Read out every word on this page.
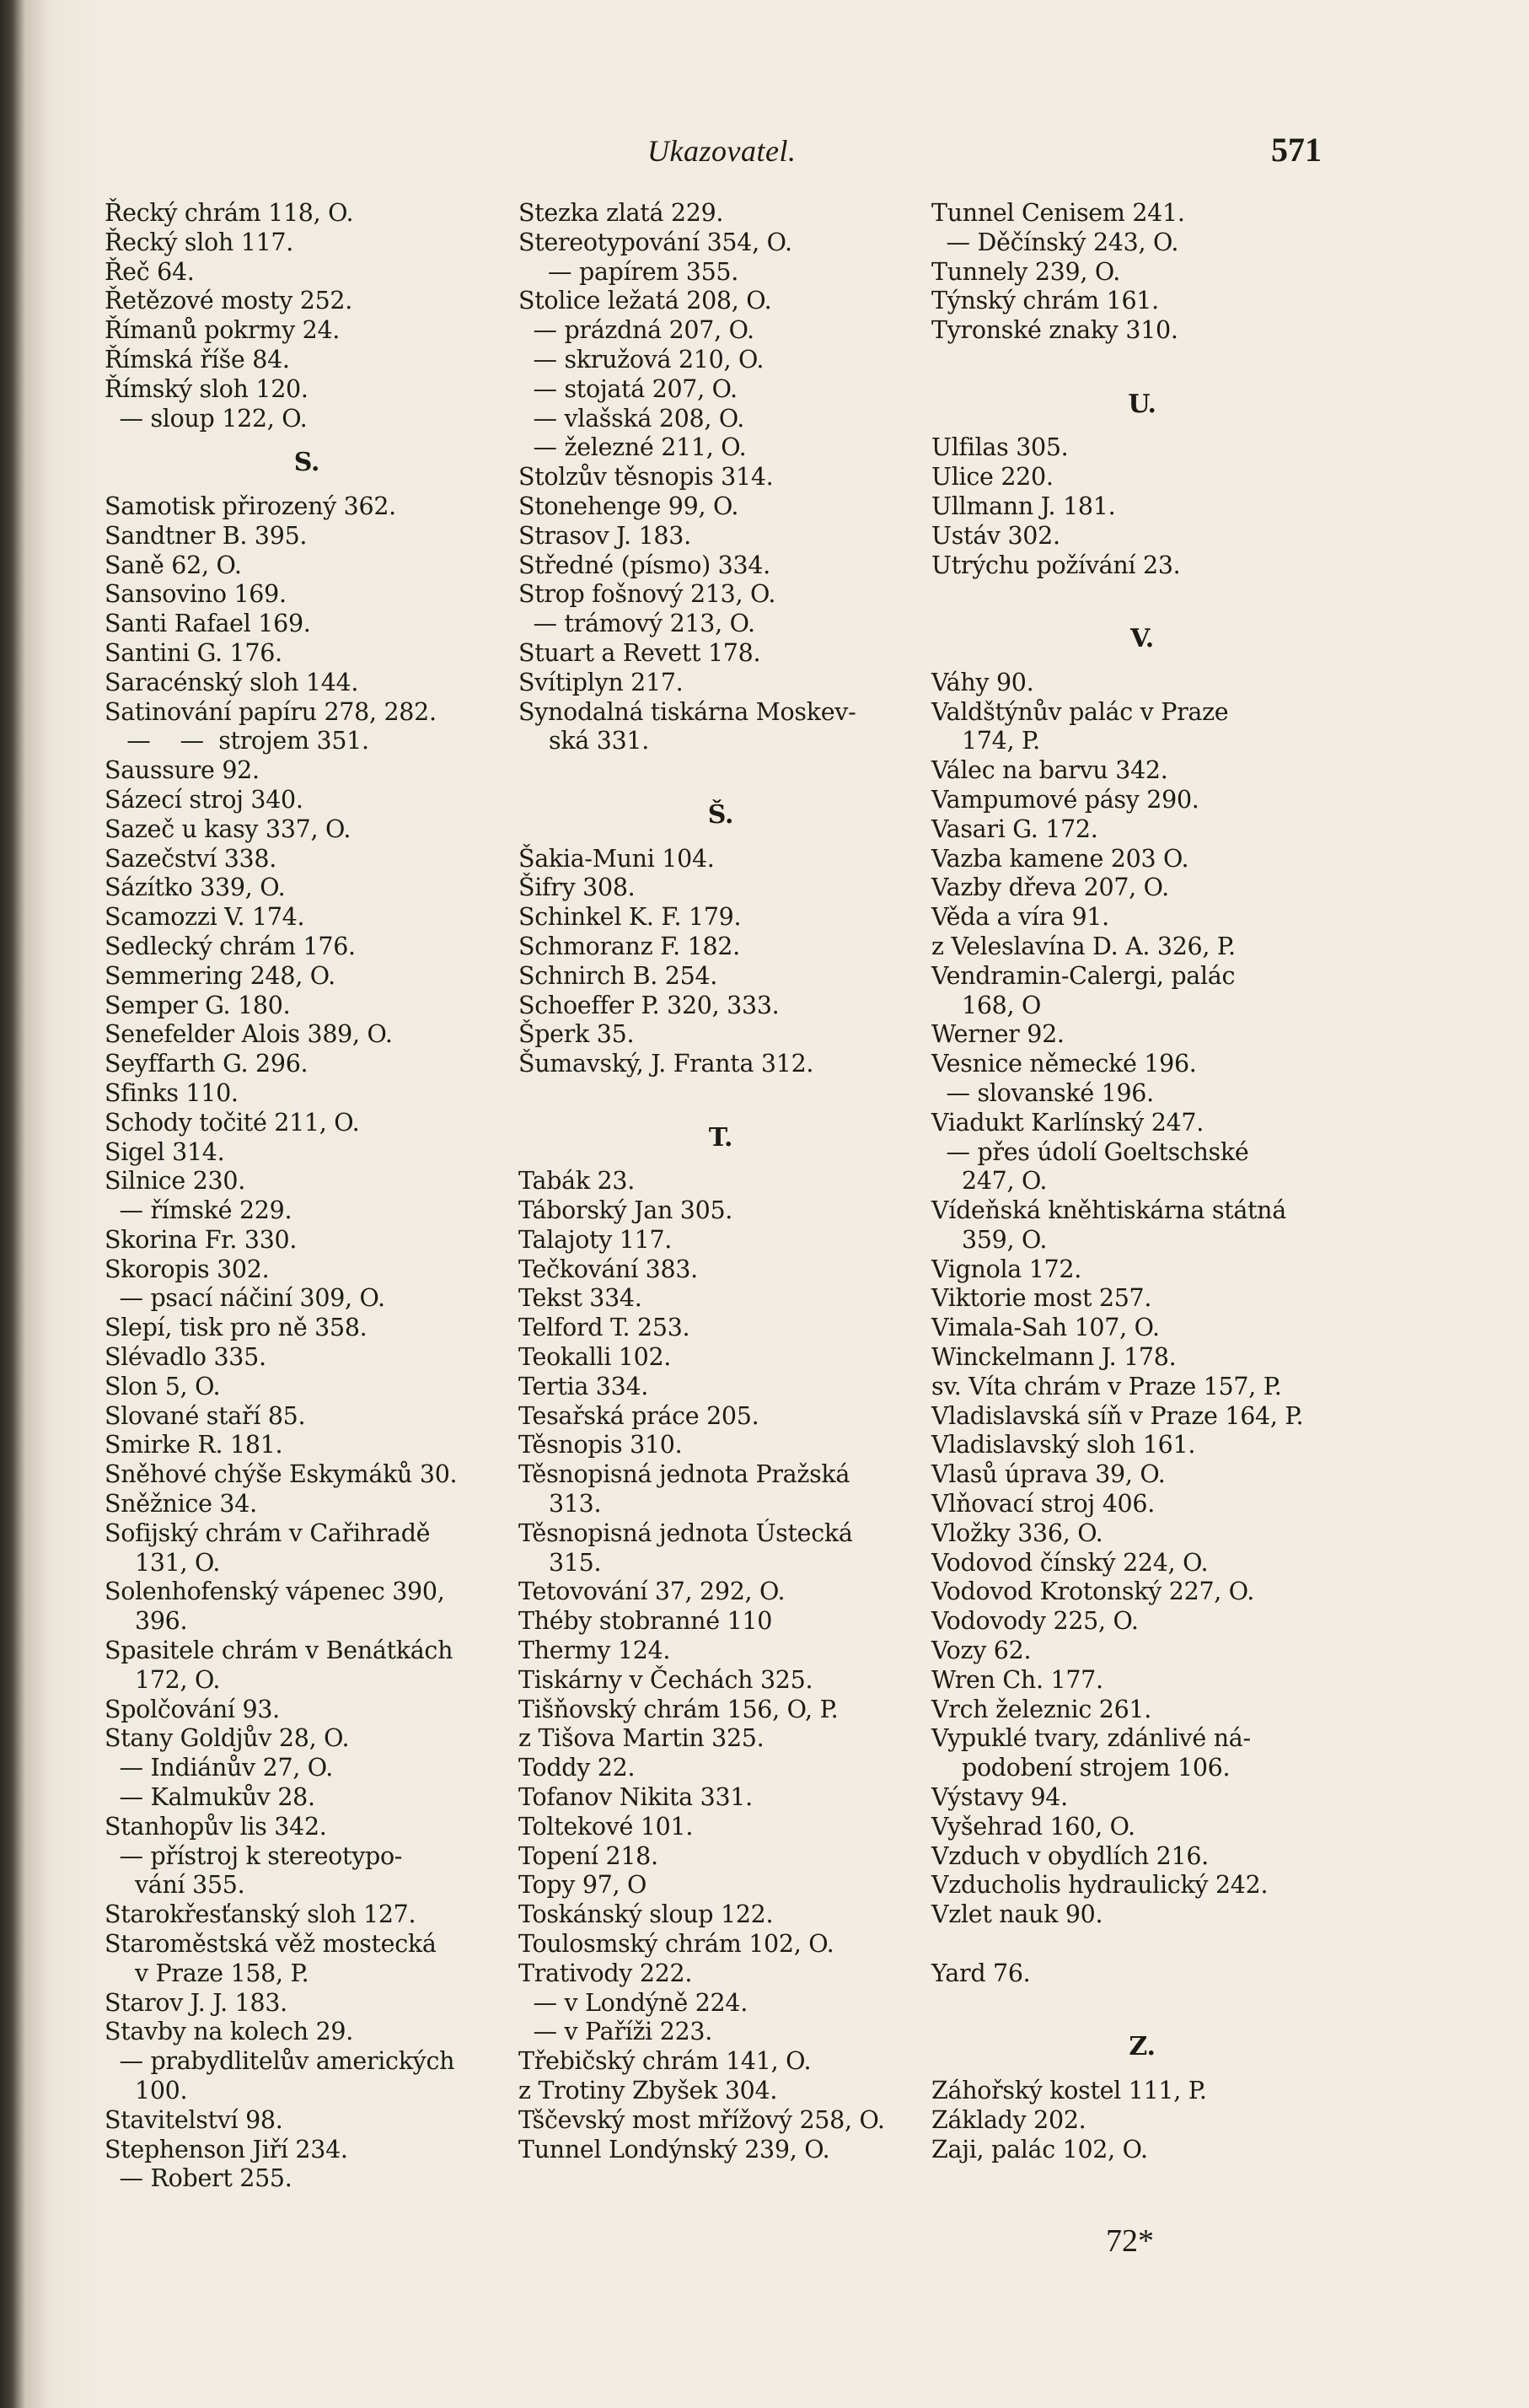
Ukazovatel.	571
Řecký chrám 118, O.
Řecký sloh 117.
Řeč 64.
Řetězové mosty 252.
Římanů pokrmy 24.
Římská říše 84.
Římský sloh 120.
— sloup 122, O.
S.
Samotisk přirozený 362.
Sandtner B. 395.
Saně 62, O.
Sansovino 169.
Santi Rafael 169.
Santini G. 176.
Saracénský sloh 144.
Satinování papíru 278, 282.
—    —  strojem 351.
Saussure 92.
Sázecí stroj 340.
Sazeč u kasy 337, O.
Sazečství 338.
Sázítko 339, O.
Scamozzi V. 174.
Sedlecký chrám 176.
Semmering 248, O.
Semper G. 180.
Senefelder Alois 389, O.
Seyffarth G. 296.
Sfinks 110.
Schody točité 211, O.
Sigel 314.
Silnice 230.
— římské 229.
Skorina Fr. 330.
Skoropis 302.
— psací náčiní 309, O.
Slepí, tisk pro ně 358.
Slévadlo 335.
Slon 5, O.
Slované staří 85.
Smirke R. 181.
Sněhové chýše Eskymáků 30.
Sněžnice 34.
Sofijský chrám v Cařihradě
131, O.
Solenhofenský vápenec 390,
396.
Spasitele chrám v Benátkách
172, O.
Spolčování 93.
Stany Goldjův 28, O.
— Indiánův 27, O.
— Kalmukův 28.
Stanhopův lis 342.
— přístroj k stereotypo-
vání 355.
Starokřesťanský sloh 127.
Staroměstská věž mostecká
v Praze 158, P.
Starov J. J. 183.
Stavby na kolech 29.
— prabydlitelův amerických
100.
Stavitelství 98.
Stephenson Jiří 234.
— Robert 255.
Stezka zlatá 229.
Stereotypování 354, O.
— papírem 355.
Stolice ležatá 208, O.
— prázdná 207, O.
— skružová 210, O.
— stojatá 207, O.
— vlašská 208, O.
— železné 211, O.
Stolzův těsnopis 314.
Stonehenge 99, O.
Strasov J. 183.
Středné (písmo) 334.
Strop fošnový 213, O.
— trámový 213, O.
Stuart a Revett 178.
Svítiplyn 217.
Synodalná tiskárna Moskev-
ská 331.
Š.
Šakia-Muni 104.
Šifry 308.
Schinkel K. F. 179.
Schmoranz F. 182.
Schnirch B. 254.
Schoeffer P. 320, 333.
Šperk 35.
Šumavský, J. Franta 312.
T.
Tabák 23.
Táborský Jan 305.
Talajoty 117.
Tečkování 383.
Tekst 334.
Telford T. 253.
Teokalli 102.
Tertia 334.
Tesařská práce 205.
Těsnopis 310.
Těsnopisná jednota Pražská
313.
Těsnopisná jednota Ústecká
315.
Tetovování 37, 292, O.
Théby stobranné 110
Thermy 124.
Tiskárny v Čechách 325.
Tišňovský chrám 156, O, P.
z Tišova Martin 325.
Toddy 22.
Tofanov Nikita 331.
Toltekové 101.
Topení 218.
Topy 97, O
Toskánský sloup 122.
Toulosmský chrám 102, O.
Trativody 222.
— v Londýně 224.
— v Paříži 223.
Třebičský chrám 141, O.
z Trotiny Zbyšek 304.
Tščevský most mřížový 258, O.
Tunnel Londýnský 239, O.
Tunnel Cenisem 241.
— Děčínský 243, O.
Tunnely 239, O.
Týnský chrám 161.
Tyronské znaky 310.
U.
Ulfilas 305.
Ulice 220.
Ullmann J. 181.
Ustáv 302.
Utrýchu požívání 23.
V.
Váhy 90.
Valdštýnův palác v Praze
174, P.
Válec na barvu 342.
Vampumové pásy 290.
Vasari G. 172.
Vazba kamene 203 O.
Vazby dřeva 207, O.
Věda a víra 91.
z Veleslavína D. A. 326, P.
Vendramin-Calergi, palác
168, O
Werner 92.
Vesnice německé 196.
— slovanské 196.
Viadukt Karlínský 247.
— přes údolí Goeltschské
247, O.
Vídeňská kněhtiskárna státná
359, O.
Vignola 172.
Viktorie most 257.
Vimala-Sah 107, O.
Winckelmann J. 178.
sv. Víta chrám v Praze 157, P.
Vladislavská síň v Praze 164, P.
Vladislavský sloh 161.
Vlasů úprava 39, O.
Vlňovací stroj 406.
Vložky 336, O.
Vodovod čínský 224, O.
Vodovod Krotonský 227, O.
Vodovody 225, O.
Vozy 62.
Wren Ch. 177.
Vrch železnic 261.
Vypuklé tvary, zdánlivé ná-
podobení strojem 106.
Výstavy 94.
Vyšehrad 160, O.
Vzduch v obydlích 216.
Vzducholis hydraulický 242.
Vzlet nauk 90.
Yard 76.
Z.
Záhořský kostel 111, P.
Základy 202.
Zaji, palác 102, O.
72*
